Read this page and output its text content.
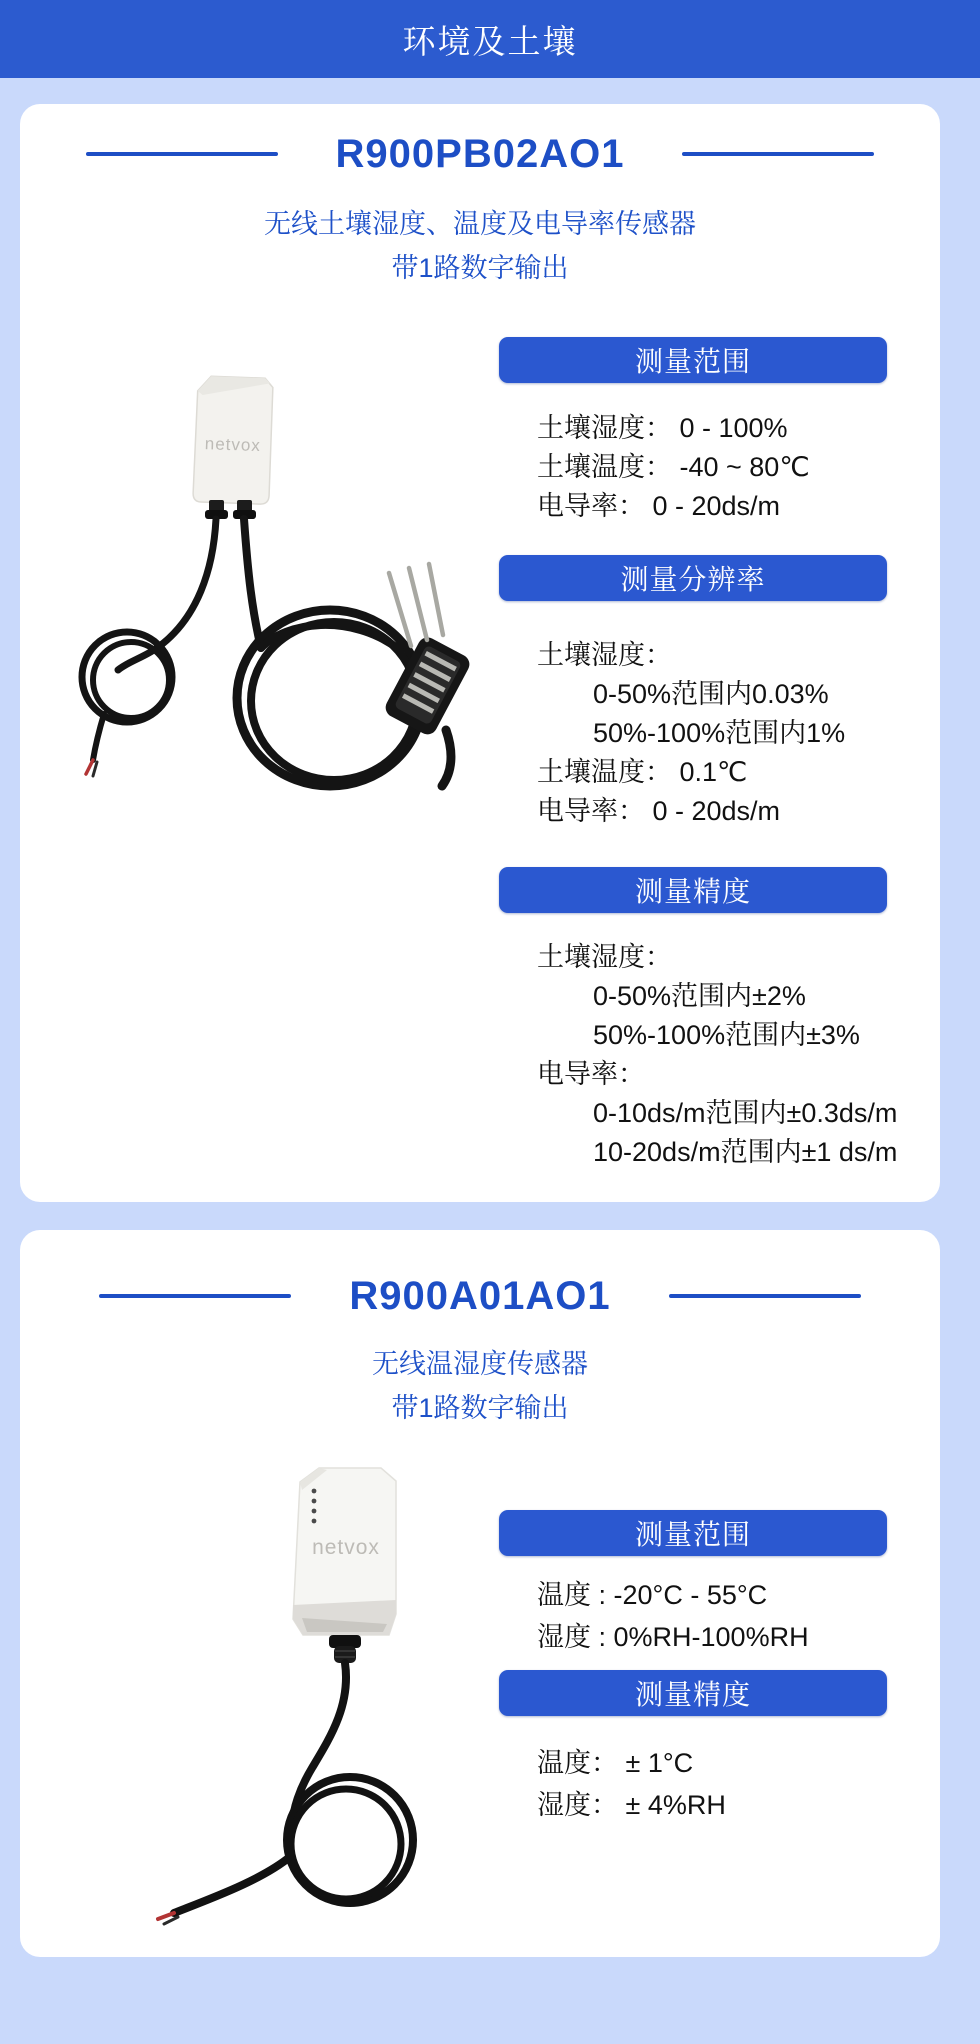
环境及土壤
R900PB02AO1
无线土壤湿度、温度及电导率传感器
带1路数字输出
netvox
测量范围
土壤湿度： 0 - 100%
土壤温度： -40 ~ 80℃
电导率： 0 - 20ds/m
测量分辨率
土壤湿度：
0-50%范围内0.03%
50%-100%范围内1%
土壤温度： 0.1℃
电导率： 0 - 20ds/m
测量精度
土壤湿度：
0-50%范围内±2%
50%-100%范围内±3%
电导率：
0-10ds/m范围内±0.3ds/m
10-20ds/m范围内±1 ds/m
R900A01AO1
无线温湿度传感器
带1路数字输出
netvox	测量范围
温度 : -20°C - 55°C
湿度 : 0%RH-100%RH
测量精度
温度： ± 1°C
湿度： ± 4%RH
